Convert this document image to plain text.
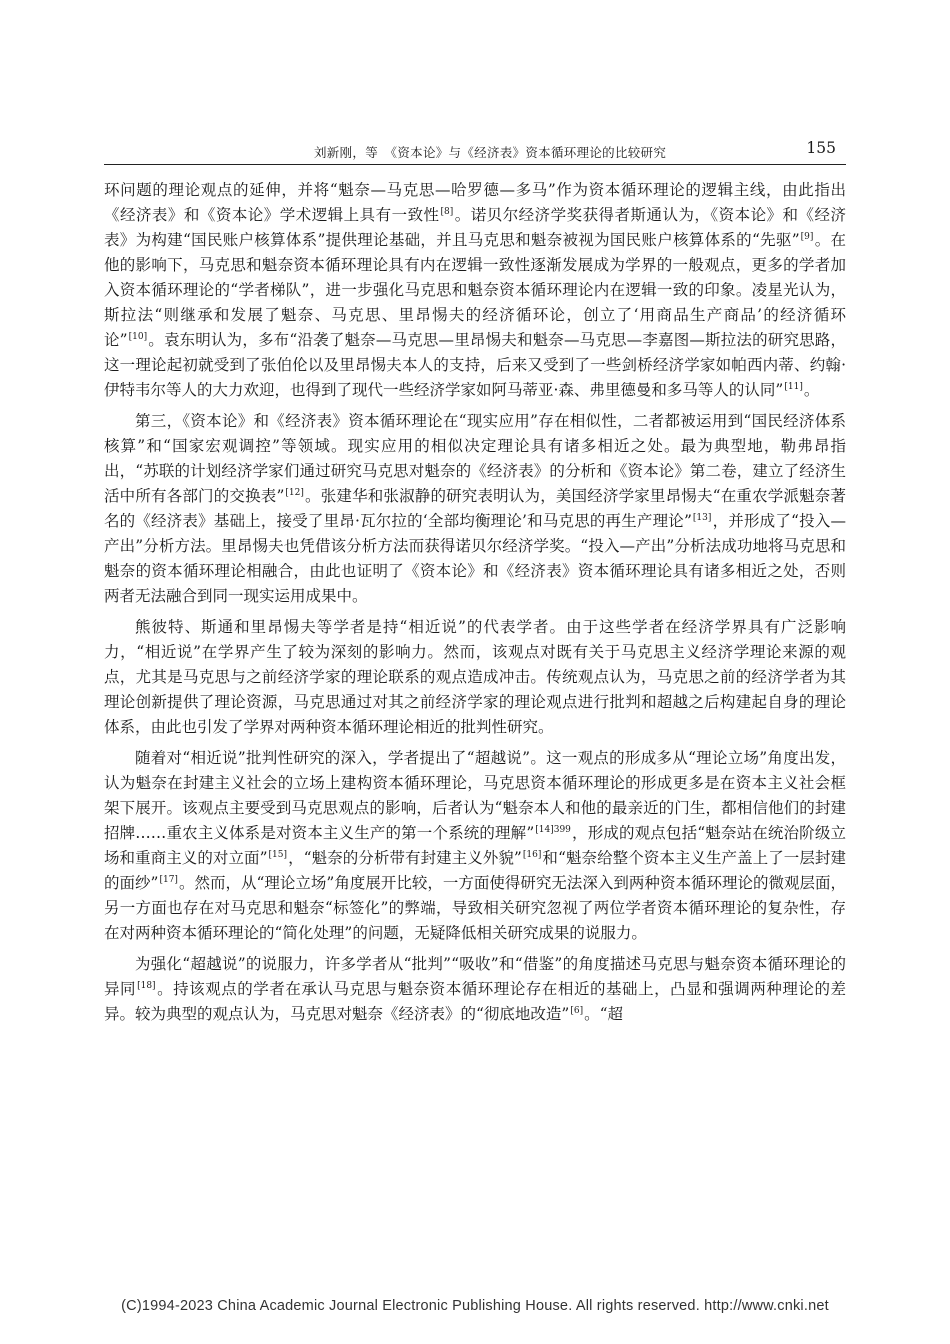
刘新刚，等　《资本论》与《经济表》资本循环理论的比较研究	155

环问题的理论观点的延伸，并将“魁奈—马克思—哈罗德—多马”作为资本循环理论的逻辑主线，由此指出《经济表》和《资本论》学术逻辑上具有一致性[8]。诺贝尔经济学奖获得者斯通认为，《资本论》和《经济表》为构建“国民账户核算体系”提供理论基础，并且马克思和魁奈被视为国民账户核算体系的“先驱”[9]。在他的影响下，马克思和魁奈资本循环理论具有内在逻辑一致性逐渐发展成为学界的一般观点，更多的学者加入资本循环理论的“学者梯队”，进一步强化马克思和魁奈资本循环理论内在逻辑一致的印象。凌星光认为，斯拉法“则继承和发展了魁奈、马克思、里昂惕夫的经济循环论，创立了‘用商品生产商品’的经济循环论”[10]。袁东明认为，多布“沿袭了魁奈—马克思—里昂惕夫和魁奈—马克思—李嘉图—斯拉法的研究思路，这一理论起初就受到了张伯伦以及里昂惕夫本人的支持，后来又受到了一些剑桥经济学家如帕西内蒂、约翰·伊特韦尔等人的大力欢迎，也得到了现代一些经济学家如阿马蒂亚·森、弗里德曼和多马等人的认同”[11]。

第三，《资本论》和《经济表》资本循环理论在“现实应用”存在相似性，二者都被运用到“国民经济体系核算”和“国家宏观调控”等领域。现实应用的相似决定理论具有诸多相近之处。最为典型地，勒弗昂指出，“苏联的计划经济学家们通过研究马克思对魁奈的《经济表》的分析和《资本论》第二卷，建立了经济生活中所有各部门的交换表”[12]。张建华和张淑静的研究表明认为，美国经济学家里昂惕夫“在重农学派魁奈著名的《经济表》基础上，接受了里昂·瓦尔拉的‘全部均衡理论’和马克思的再生产理论”[13]，并形成了“投入—产出”分析方法。里昂惕夫也凭借该分析方法而获得诺贝尔经济学奖。“投入—产出”分析法成功地将马克思和魁奈的资本循环理论相融合，由此也证明了《资本论》和《经济表》资本循环理论具有诸多相近之处，否则两者无法融合到同一现实运用成果中。

熊彼特、斯通和里昂惕夫等学者是持“相近说”的代表学者。由于这些学者在经济学界具有广泛影响力，“相近说”在学界产生了较为深刻的影响力。然而，该观点对既有关于马克思主义经济学理论来源的观点，尤其是马克思与之前经济学家的理论联系的观点造成冲击。传统观点认为，马克思之前的经济学者为其理论创新提供了理论资源，马克思通过对其之前经济学家的理论观点进行批判和超越之后构建起自身的理论体系，由此也引发了学界对两种资本循环理论相近的批判性研究。

随着对“相近说”批判性研究的深入，学者提出了“超越说”。这一观点的形成多从“理论立场”角度出发，认为魁奈在封建主义社会的立场上建构资本循环理论，马克思资本循环理论的形成更多是在资本主义社会框架下展开。该观点主要受到马克思观点的影响，后者认为“魁奈本人和他的最亲近的门生，都相信他们的封建招牌……重农主义体系是对资本主义生产的第一个系统的理解”$^{[14]399}$，形成的观点包括“魁奈站在统治阶级立场和重商主义的对立面”[15]，“魁奈的分析带有封建主义外貌”[16]和“魁奈给整个资本主义生产盖上了一层封建的面纱”[17]。然而，从“理论立场”角度展开比较，一方面使得研究无法深入到两种资本循环理论的微观层面，另一方面也存在对马克思和魁奈“标签化”的弊端，导致相关研究忽视了两位学者资本循环理论的复杂性，存在对两种资本循环理论的“简化处理”的问题，无疑降低相关研究成果的说服力。

为强化“超越说”的说服力，许多学者从“批判”“吸收”和“借鉴”的角度描述马克思与魁奈资本循环理论的异同[18]。持该观点的学者在承认马克思与魁奈资本循环理论存在相近的基础上，凸显和强调两种理论的差异。较为典型的观点认为，马克思对魁奈《经济表》的“彻底地改造”[6]。“超

(C)1994-2023 China Academic Journal Electronic Publishing House. All rights reserved. http://www.cnki.net
